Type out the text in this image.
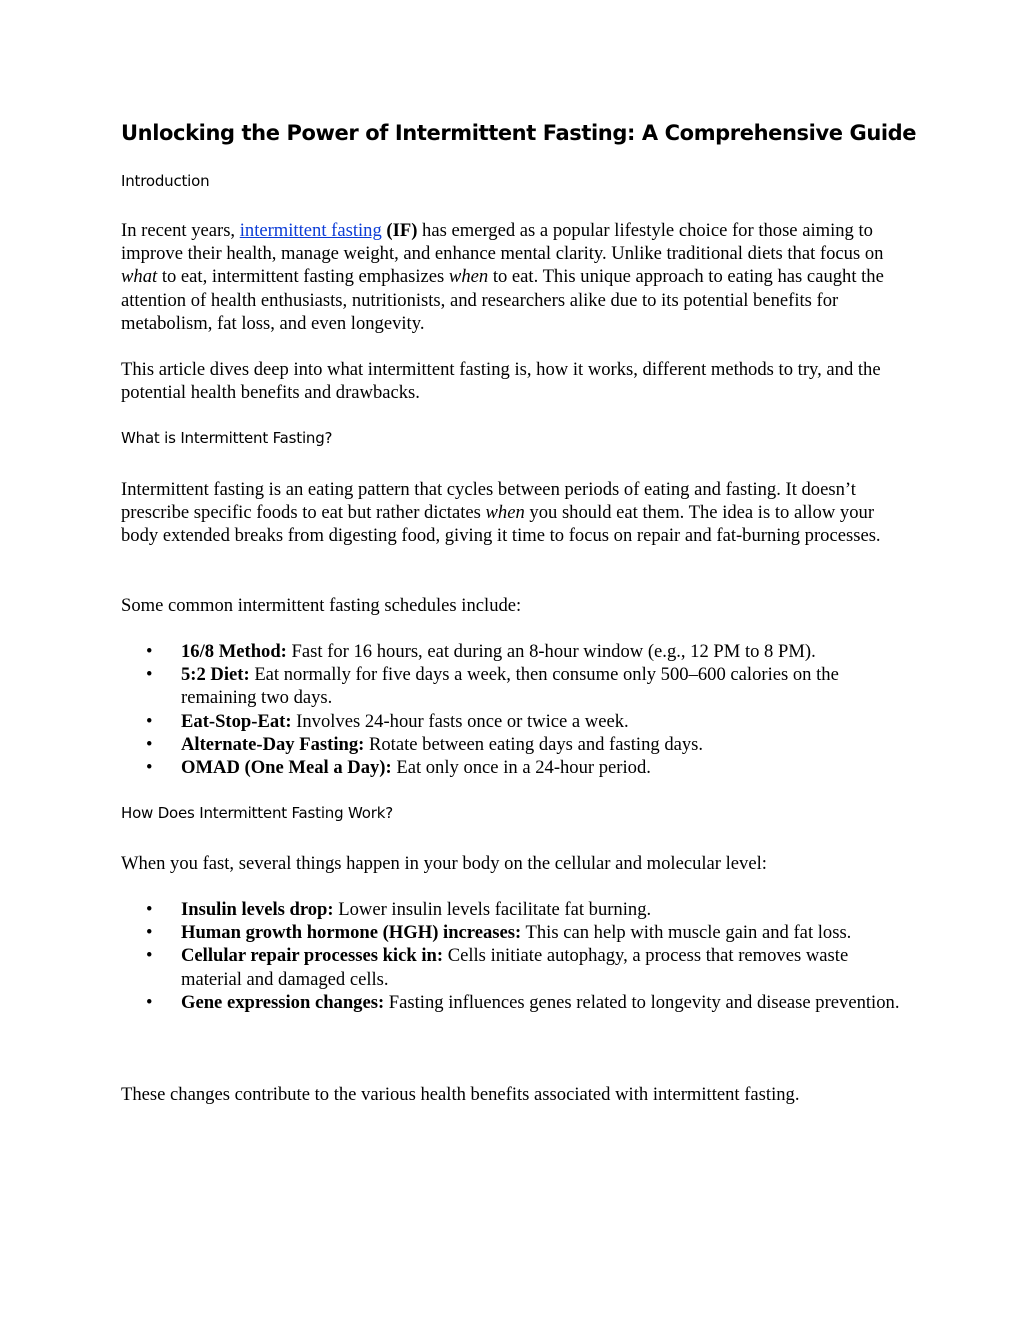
Unlocking the Power of Intermittent Fasting: A Comprehensive Guide
Introduction

In recent years, intermittent fasting (IF) has emerged as a popular lifestyle choice for those aiming to improve their health, manage weight, and enhance mental clarity. Unlike traditional diets that focus on what to eat, intermittent fasting emphasizes when to eat. This unique approach to eating has caught the attention of health enthusiasts, nutritionists, and researchers alike due to its potential benefits for metabolism, fat loss, and even longevity.

This article dives deep into what intermittent fasting is, how it works, different methods to try, and the potential health benefits and drawbacks.

What is Intermittent Fasting?

Intermittent fasting is an eating pattern that cycles between periods of eating and fasting. It doesn’t prescribe specific foods to eat but rather dictates when you should eat them. The idea is to allow your body extended breaks from digesting food, giving it time to focus on repair and fat-burning processes.

Some common intermittent fasting schedules include:

• 16/8 Method: Fast for 16 hours, eat during an 8-hour window (e.g., 12 PM to 8 PM).
• 5:2 Diet: Eat normally for five days a week, then consume only 500–600 calories on the remaining two days.
• Eat-Stop-Eat: Involves 24-hour fasts once or twice a week.
• Alternate-Day Fasting: Rotate between eating days and fasting days.
• OMAD (One Meal a Day): Eat only once in a 24-hour period.
How Does Intermittent Fasting Work?

When you fast, several things happen in your body on the cellular and molecular level:

• Insulin levels drop: Lower insulin levels facilitate fat burning.
• Human growth hormone (HGH) increases: This can help with muscle gain and fat loss.
• Cellular repair processes kick in: Cells initiate autophagy, a process that removes waste material and damaged cells.
• Gene expression changes: Fasting influences genes related to longevity and disease prevention.

These changes contribute to the various health benefits associated with intermittent fasting.
